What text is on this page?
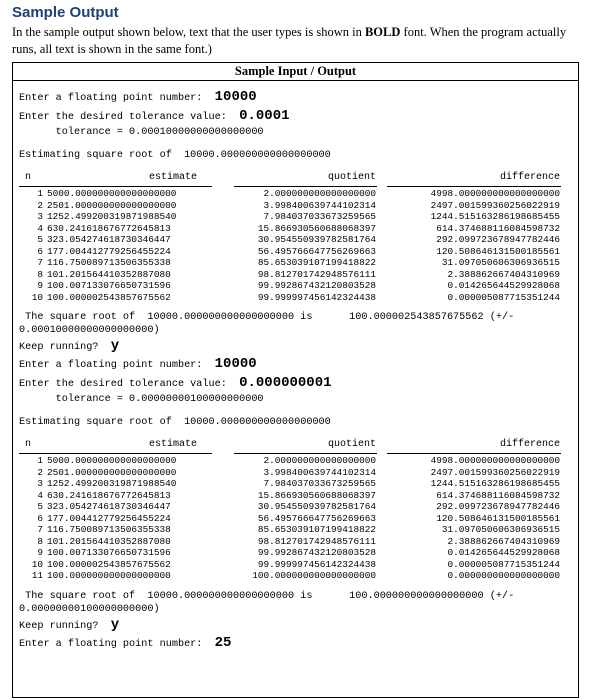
Sample Output
In the sample output shown below, text that the user types is shown in BOLD font. When the program actually runs, all text is shown in the same font.)
Sample Input / Output
Enter a floating point number:  10000
Enter the desired tolerance value:  0.0001
tolerance = 0.00010000000000000000
Estimating square root of  10000.000000000000000000
n	estimate	quotient	difference
1 5000.000000000000000000	2.000000000000000000	4998.000000000000000000
2 2501.000000000000000000	3.998400639744102314	2497.001599360256022919
3 1252.499200319871988540	7.984037033673259565	1244.515163286198685455
4 630.241618676772645813	15.866930560688068397	614.374688116084598732
5 323.054274618730346447	30.954550939782581764	292.099723678947782446
6 177.004412779256455224	56.495766647756269663	120.508646131500185561
7 116.750089713506355338	85.653039107199418822	31.097050606306936515
8 101.201564410352887080	98.812701742948576111	2.388862667404310969
9 100.007133076650731596	99.992867432120803528	0.014265644529928068
10 100.000002543857675562	99.999997456142324438	0.000005087715351244
The square root of  10000.000000000000000000 is      100.000002543857675562 (+/-
0.00010000000000000000)
Keep running?  y
Enter a floating point number:  10000
Enter the desired tolerance value:  0.000000001
tolerance = 0.00000000100000000000
Estimating square root of  10000.000000000000000000
n	estimate	quotient	difference
1 5000.000000000000000000	2.000000000000000000	4998.000000000000000000
2 2501.000000000000000000	3.998400639744102314	2497.001599360256022919
3 1252.499200319871988540	7.984037033673259565	1244.515163286198685455
4 630.241618676772645813	15.866930560688068397	614.374688116084598732
5 323.054274618730346447	30.954550939782581764	292.099723678947782446
6 177.004412779256455224	56.495766647756269663	120.508646131500185561
7 116.750089713506355338	85.653039107199418822	31.097050606306936515
8 101.201564410352887080	98.812701742948576111	2.388862667404310969
9 100.007133076650731596	99.992867432120803528	0.014265644529928068
10 100.000002543857675562	99.999997456142324438	0.000005087715351244
11 100.000000000000000000	100.000000000000000000	0.000000000000000000
The square root of  10000.000000000000000000 is      100.000000000000000000 (+/-
0.00000000100000000000)
Keep running?  y
Enter a floating point number:  25
